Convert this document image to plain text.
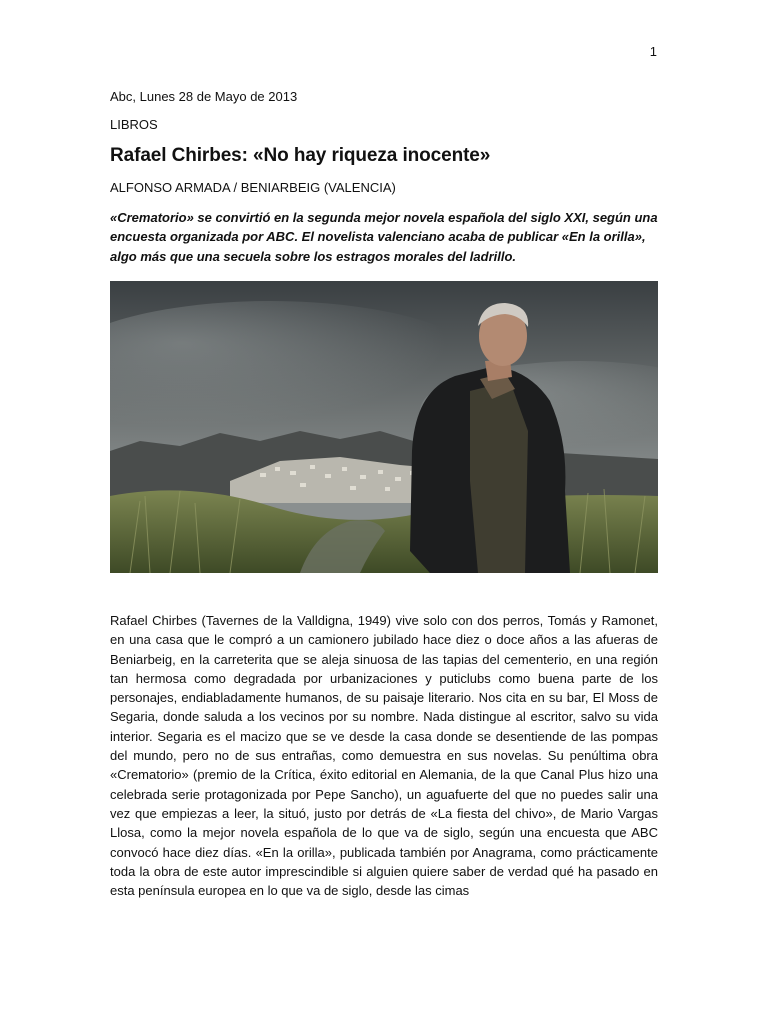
1
Abc, Lunes 28 de Mayo de 2013
LIBROS
Rafael Chirbes: «No hay riqueza inocente»
ALFONSO ARMADA / BENIARBEIG (VALENCIA)
«Crematorio» se convirtió en la segunda mejor novela española del siglo XXI, según una encuesta organizada por ABC. El novelista valenciano acaba de publicar «En la orilla», algo más que una secuela sobre los estragos morales del ladrillo.
Rafael Chirbes (Tavernes de la Valldigna, 1949) vive solo con dos perros, Tomás y Ramonet, en una casa que le compró a un camionero jubilado hace diez o doce años a las afueras de Beniarbeig, en la carreterita que se aleja sinuosa de las tapias del cementerio, en una región tan hermosa como degradada por urbanizaciones y puticlubs como buena parte de los personajes, endiabladamente humanos, de su paisaje literario. Nos cita en su bar, El Moss de Segaria, donde saluda a los vecinos por su nombre. Nada distingue al escritor, salvo su vida interior. Segaria es el macizo que se ve desde la casa donde se desentiende de las pompas del mundo, pero no de sus entrañas, como demuestra en sus novelas. Su penúltima obra «Crematorio» (premio de la Crítica, éxito editorial en Alemania, de la que Canal Plus hizo una celebrada serie protagonizada por Pepe Sancho), un aguafuerte del que no puedes salir una vez que empiezas a leer, la situó, justo por detrás de «La fiesta del chivo», de Mario Vargas Llosa, como la mejor novela española de lo que va de siglo, según una encuesta que ABC convocó hace diez días. «En la orilla», publicada también por Anagrama, como prácticamente toda la obra de este autor imprescindible si alguien quiere saber de verdad qué ha pasado en esta península europea en lo que va de siglo, desde las cimas
